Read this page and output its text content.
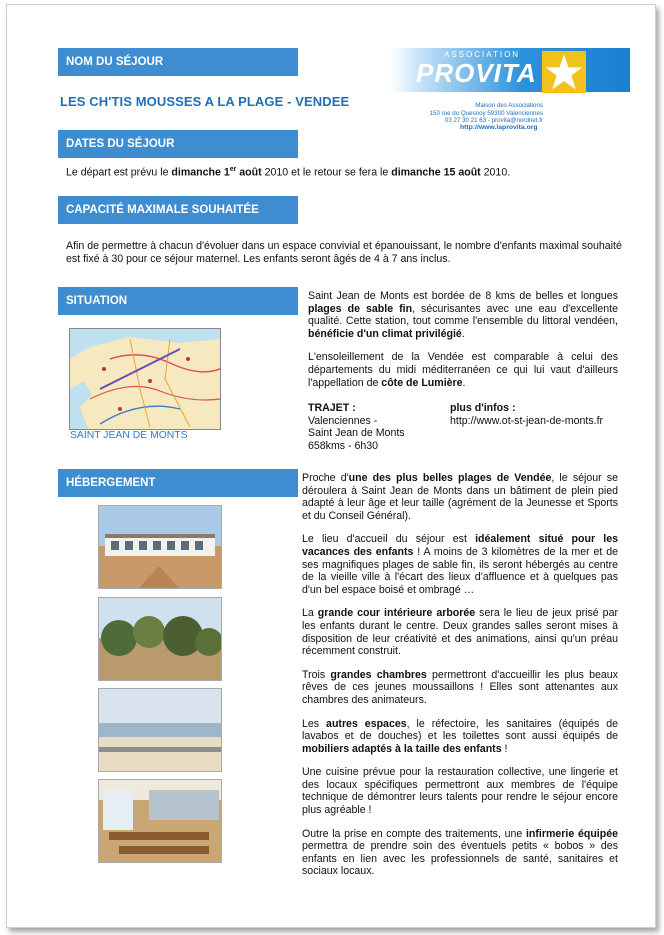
NOM DU SÉJOUR
LES CH'TIS MOUSSES A LA PLAGE - VENDEE
ASSOCIATION
PROVITA
Maison des Associations
150 rue du Quesnoy 59300 Valenciennes
03 27 30 21 63 - provita@nordnet.fr
http://www.laprovita.org
DATES DU SÉJOUR
Le départ est prévu le dimanche 1er août 2010 et le retour se fera le dimanche 15 août 2010.
CAPACITÉ MAXIMALE SOUHAITÉE
Afin de permettre à chacun d'évoluer dans un espace convivial et épanouissant, le nombre d'enfants maximal souhaité est fixé à 30 pour ce séjour maternel. Les enfants seront âgés de 4 à 7 ans inclus.
SITUATION
SAINT JEAN DE MONTS

Saint Jean de Monts est bordée de 8 kms de belles et longues plages de sable fin, sécurisantes avec une eau d'excellente qualité. Cette station, tout comme l'ensemble du littoral vendéen, bénéficie d'un climat privilégié.

L'ensoleillement de la Vendée est comparable à celui des départements du midi méditerranéen ce qui lui vaut d'ailleurs l'appellation de côte de Lumière.

TRAJET :
Valenciennes -
Saint Jean de Monts
658kms - 6h30
plus d'infos :
http://www.ot-st-jean-de-monts.fr
HÉBERGEMENT	Proche d'une des plus belles plages de Vendée, le séjour se déroulera à Saint Jean de Monts dans un bâtiment de plein pied adapté à leur âge et leur taille (agrément de la Jeunesse et Sports et du Conseil Général).

Le lieu d'accueil du séjour est idéalement situé pour les vacances des enfants ! A moins de 3 kilomètres de la mer et de ses magnifiques plages de sable fin, ils seront hébergés au centre de la vieille ville à l'écart des lieux d'affluence et à quelques pas d'un bel espace boisé et ombragé …

La grande cour intérieure arborée sera le lieu de jeux prisé par les enfants durant le centre. Deux grandes salles seront mises à disposition de leur créativité et des animations, ainsi qu'un préau récemment construit.

Trois grandes chambres permettront d'accueillir les plus beaux rêves de ces jeunes moussaillons ! Elles sont attenantes aux chambres des animateurs.

Les autres espaces, le réfectoire, les sanitaires (équipés de lavabos et de douches) et les toilettes sont aussi équipés de mobiliers adaptés à la taille des enfants !

Une cuisine prévue pour la restauration collective, une lingerie et des locaux spécifiques permettront aux membres de l'équipe technique de démontrer leurs talents pour rendre le séjour encore plus agréable !

Outre la prise en compte des traitements, une infirmerie équipée permettra de prendre soin des éventuels petits « bobos » des enfants en lien avec les professionnels de santé, sanitaires et sociaux locaux.
